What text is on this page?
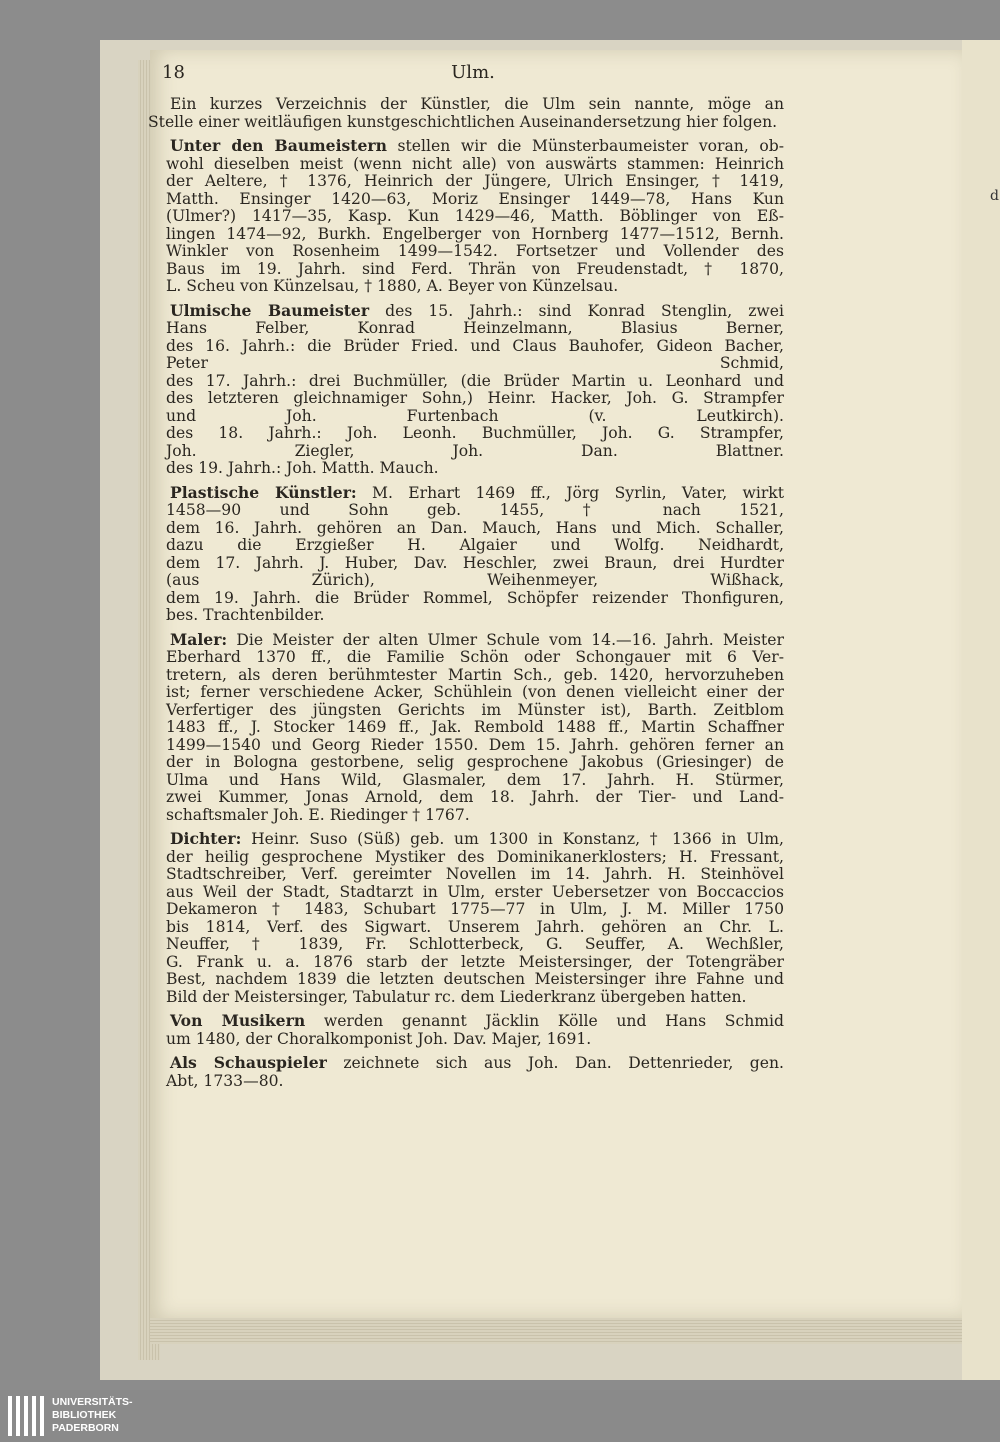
d
18	Ulm.
Ein kurzes Verzeichnis der Künstler, die Ulm sein nannte, möge an
Stelle einer weitläufigen kunstgeschichtlichen Auseinandersetzung hier folgen.
Unter den Baumeistern stellen wir die Münsterbaumeister voran, ob-
wohl dieselben meist (wenn nicht alle) von auswärts stammen: Heinrich
der Aeltere, † 1376, Heinrich der Jüngere, Ulrich Ensinger, † 1419,
Matth. Ensinger 1420—63, Moriz Ensinger 1449—78, Hans Kun
(Ulmer?) 1417—35, Kasp. Kun 1429—46, Matth. Böblinger von Eß-
lingen 1474—92, Burkh. Engelberger von Hornberg 1477—1512, Bernh.
Winkler von Rosenheim 1499—1542. Fortsetzer und Vollender des
Baus im 19. Jahrh. sind Ferd. Thrän von Freudenstadt, † 1870,
L. Scheu von Künzelsau, † 1880, A. Beyer von Künzelsau.
Ulmische Baumeister des 15. Jahrh.: sind Konrad Stenglin, zwei
Hans Felber, Konrad Heinzelmann, Blasius Berner,
des 16. Jahrh.: die Brüder Fried. und Claus Bauhofer, Gideon Bacher,
Peter Schmid,
des 17. Jahrh.: drei Buchmüller, (die Brüder Martin u. Leonhard und
des letzteren gleichnamiger Sohn,) Heinr. Hacker, Joh. G. Strampfer
und Joh. Furtenbach (v. Leutkirch).
des 18. Jahrh.: Joh. Leonh. Buchmüller, Joh. G. Strampfer,
Joh. Ziegler, Joh. Dan. Blattner.
des 19. Jahrh.: Joh. Matth. Mauch.
Plastische Künstler: M. Erhart 1469 ff., Jörg Syrlin, Vater, wirkt
1458—90 und Sohn geb. 1455, † nach 1521,
dem 16. Jahrh. gehören an Dan. Mauch, Hans und Mich. Schaller,
dazu die Erzgießer H. Algaier und Wolfg. Neidhardt,
dem 17. Jahrh. J. Huber, Dav. Heschler, zwei Braun, drei Hurdter
(aus Zürich), Weihenmeyer, Wißhack,
dem 19. Jahrh. die Brüder Rommel, Schöpfer reizender Thonfiguren,
bes. Trachtenbilder.
Maler: Die Meister der alten Ulmer Schule vom 14.—16. Jahrh. Meister
Eberhard 1370 ff., die Familie Schön oder Schongauer mit 6 Ver-
tretern, als deren berühmtester Martin Sch., geb. 1420, hervorzuheben
ist; ferner verschiedene Acker, Schühlein (von denen vielleicht einer der
Verfertiger des jüngsten Gerichts im Münster ist), Barth. Zeitblom
1483 ff., J. Stocker 1469 ff., Jak. Rembold 1488 ff., Martin Schaffner
1499—1540 und Georg Rieder 1550. Dem 15. Jahrh. gehören ferner an
der in Bologna gestorbene, selig gesprochene Jakobus (Griesinger) de
Ulma und Hans Wild, Glasmaler, dem 17. Jahrh. H. Stürmer,
zwei Kummer, Jonas Arnold, dem 18. Jahrh. der Tier- und Land-
schaftsmaler Joh. E. Riedinger † 1767.
Dichter: Heinr. Suso (Süß) geb. um 1300 in Konstanz, † 1366 in Ulm,
der heilig gesprochene Mystiker des Dominikanerklosters; H. Fressant,
Stadtschreiber, Verf. gereimter Novellen im 14. Jahrh. H. Steinhövel
aus Weil der Stadt, Stadtarzt in Ulm, erster Uebersetzer von Boccaccios
Dekameron † 1483, Schubart 1775—77 in Ulm, J. M. Miller 1750
bis 1814, Verf. des Sigwart. Unserem Jahrh. gehören an Chr. L.
Neuffer, † 1839, Fr. Schlotterbeck, G. Seuffer, A. Wechßler,
G. Frank u. a. 1876 starb der letzte Meistersinger, der Totengräber
Best, nachdem 1839 die letzten deutschen Meistersinger ihre Fahne und
Bild der Meistersinger, Tabulatur rc. dem Liederkranz übergeben hatten.
Von Musikern werden genannt Jäcklin Kölle und Hans Schmid
um 1480, der Choralkomponist Joh. Dav. Majer, 1691.
Als Schauspieler zeichnete sich aus Joh. Dan. Dettenrieder, gen.
Abt, 1733—80.
UNIVERSITÄTS-
BIBLIOTHEK
PADERBORN
